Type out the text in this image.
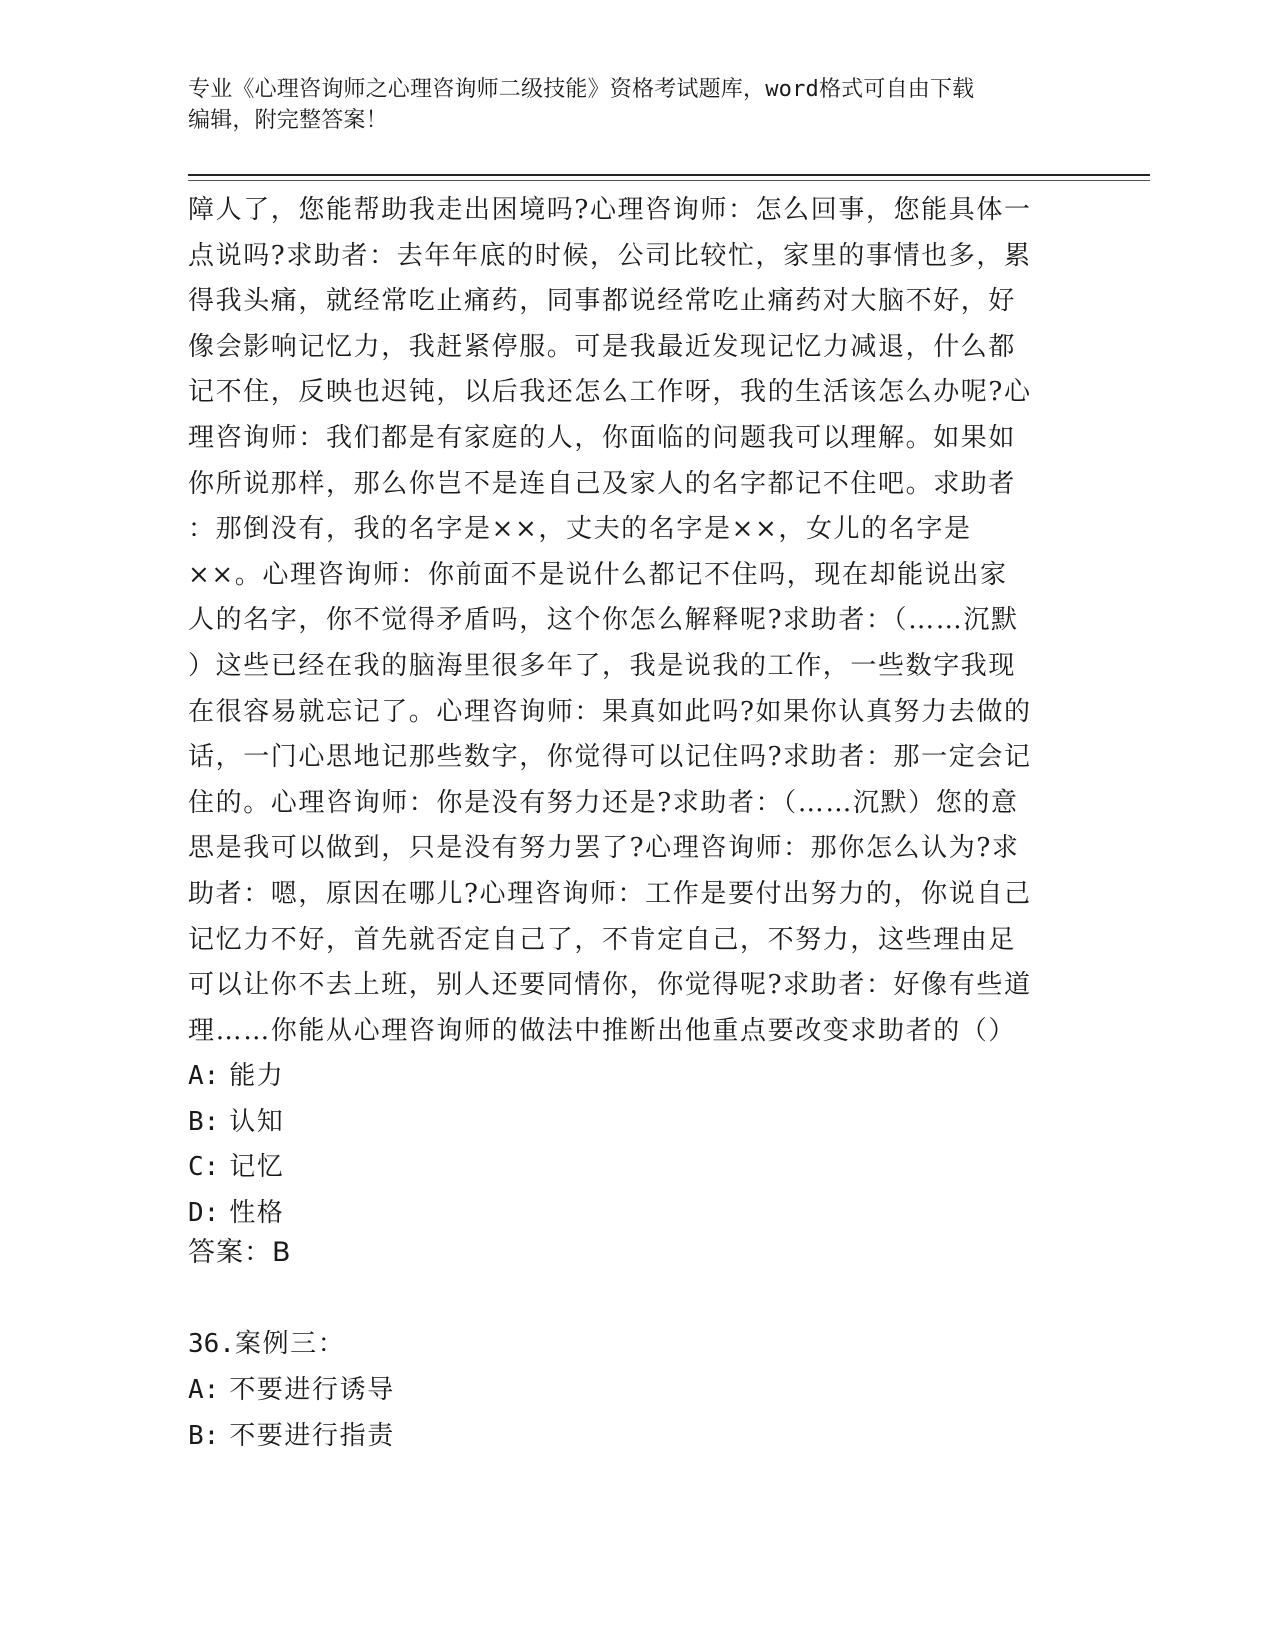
专业《心理咨询师之心理咨询师二级技能》资格考试题库，word格式可自由下载
编辑，附完整答案！
障人了，您能帮助我走出困境吗?心理咨询师：怎么回事，您能具体一
点说吗?求助者：去年年底的时候，公司比较忙，家里的事情也多，累
得我头痛，就经常吃止痛药，同事都说经常吃止痛药对大脑不好，好
像会影响记忆力，我赶紧停服。可是我最近发现记忆力减退，什么都
记不住，反映也迟钝，以后我还怎么工作呀，我的生活该怎么办呢?心
理咨询师：我们都是有家庭的人，你面临的问题我可以理解。如果如
你所说那样，那么你岂不是连自己及家人的名字都记不住吧。求助者
：那倒没有，我的名字是××，丈夫的名字是××，女儿的名字是
××。心理咨询师：你前面不是说什么都记不住吗，现在却能说出家
人的名字，你不觉得矛盾吗，这个你怎么解释呢?求助者：（……沉默
）这些已经在我的脑海里很多年了，我是说我的工作，一些数字我现
在很容易就忘记了。心理咨询师：果真如此吗?如果你认真努力去做的
话，一门心思地记那些数字，你觉得可以记住吗?求助者：那一定会记
住的。心理咨询师：你是没有努力还是?求助者：（……沉默）您的意
思是我可以做到，只是没有努力罢了?心理咨询师：那你怎么认为?求
助者：嗯，原因在哪儿?心理咨询师：工作是要付出努力的，你说自己
记忆力不好，首先就否定自己了，不肯定自己，不努力，这些理由足
可以让你不去上班，别人还要同情你，你觉得呢?求助者：好像有些道
理……你能从心理咨询师的做法中推断出他重点要改变求助者的（）
A: 能力
B: 认知
C: 记忆
D: 性格
答案：B
36.案例三：
A: 不要进行诱导
B: 不要进行指责
